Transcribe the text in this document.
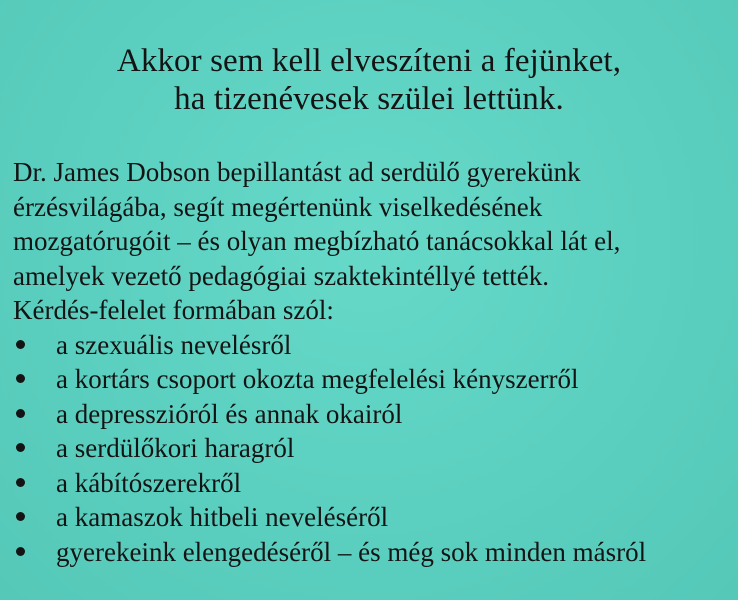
Akkor sem kell elveszíteni a fejünket,
ha tizenévesek szülei lettünk.
Dr. James Dobson bepillantást ad serdülő gyerekünk
érzésvilágába, segít megértenünk viselkedésének
mozgatórugóit – és olyan megbízható tanácsokkal lát el,
amelyek vezető pedagógiai szaktekintéllyé tették.
Kérdés-felelet formában szól:
a szexuális nevelésről
a kortárs csoport okozta megfelelési kényszerről
a depresszióról és annak okairól
a serdülőkori haragról
a kábítószerekről
a kamaszok hitbeli neveléséről
gyerekeink elengedéséről – és még sok minden másról
